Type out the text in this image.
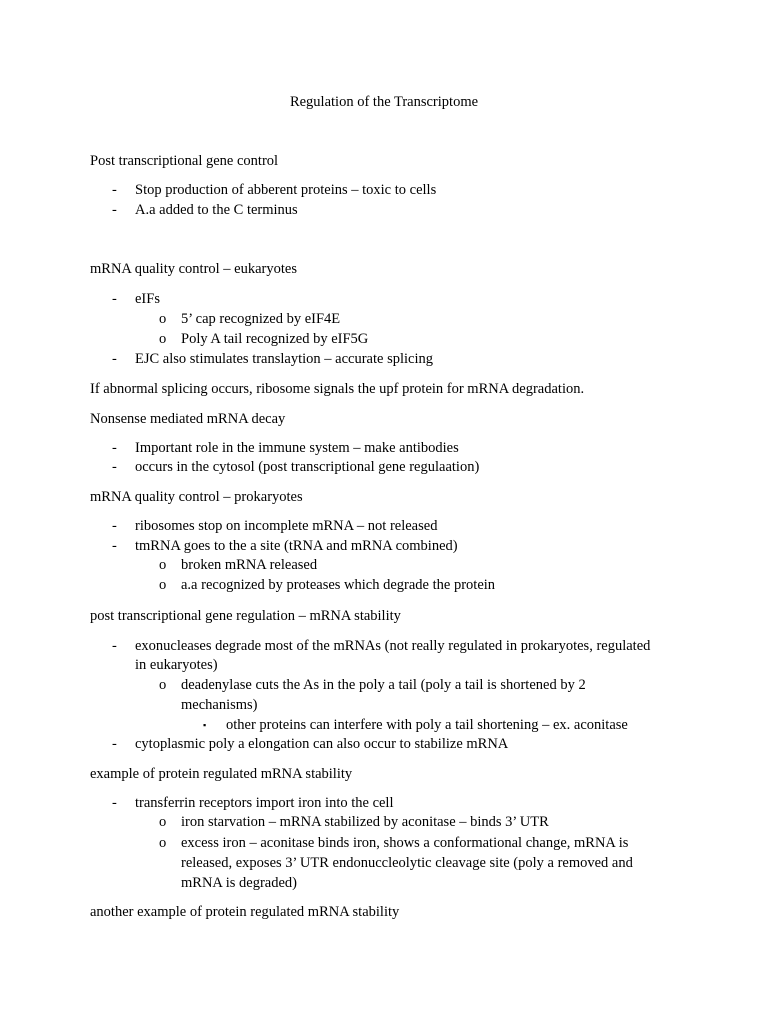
Regulation of the Transcriptome
Post transcriptional gene control
- Stop production of abberent proteins – toxic to cells
- A.a added to the C terminus
mRNA quality control – eukaryotes
- eIFs
o 5’ cap recognized by eIF4E
o Poly A tail recognized by eIF5G
- EJC also stimulates translaytion – accurate splicing
If abnormal splicing occurs, ribosome signals the upf protein for mRNA degradation.
Nonsense mediated mRNA decay
- Important role in the immune system – make antibodies
- occurs in the cytosol (post transcriptional gene regulaation)
mRNA quality control – prokaryotes
- ribosomes stop on incomplete mRNA – not released
- tmRNA goes to the a site (tRNA and mRNA combined)
o broken mRNA released
o a.a recognized by proteases which degrade the protein
post transcriptional gene regulation – mRNA stability
- exonucleases degrade most of the mRNAs (not really regulated in prokaryotes, regulated
in eukaryotes)
o deadenylase cuts the As in the poly a tail (poly a tail is shortened by 2
mechanisms)
▪ other proteins can interfere with poly a tail shortening – ex. aconitase
- cytoplasmic poly a elongation can also occur to stabilize mRNA
example of protein regulated mRNA stability
- transferrin receptors import iron into the cell
o iron starvation – mRNA stabilized by aconitase – binds 3’ UTR
o excess iron – aconitase binds iron, shows a conformational change, mRNA is
released, exposes 3’ UTR endonuccleolytic cleavage site (poly a removed and
mRNA is degraded)
another example of protein regulated mRNA stability
